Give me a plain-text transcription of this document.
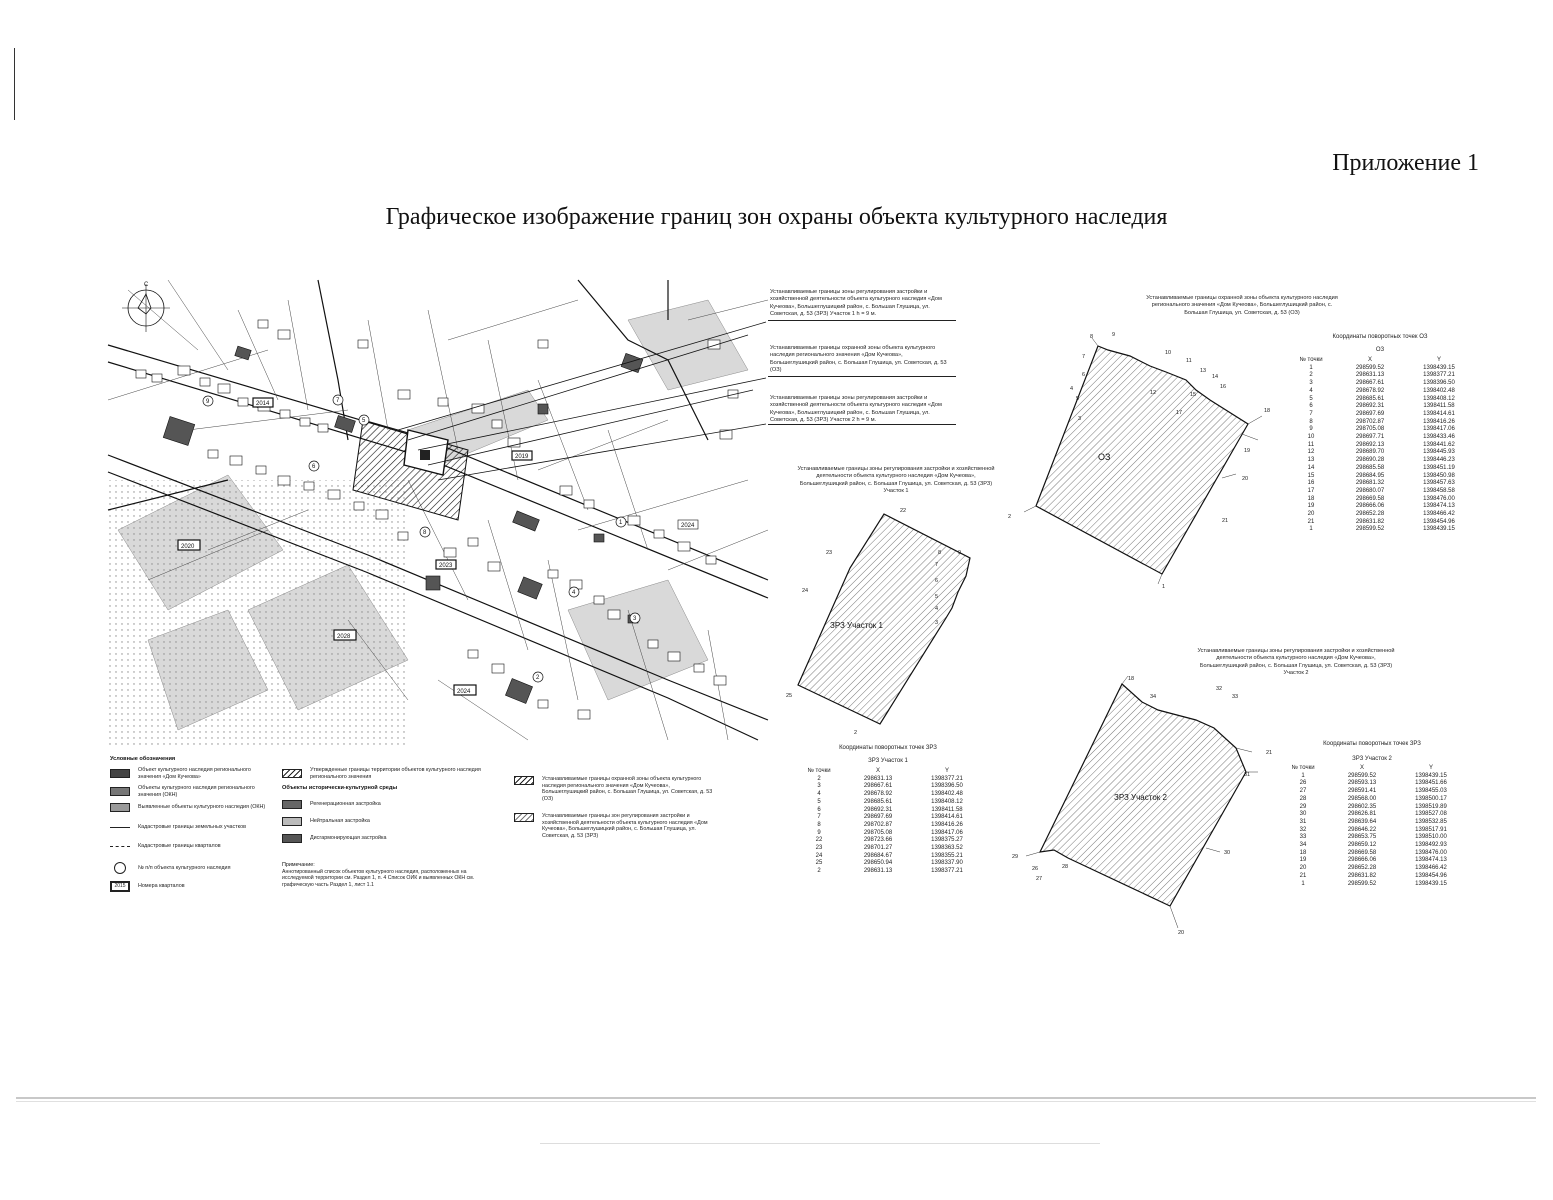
Приложение 1
Графическое изображение границ зон охраны объекта культурного наследия
С
2014
2019
2020
2023
2024
2024
2028
1
2
3
4
5
6
7
8
9
Устанавливаемые границы зоны регулирования застройки и хозяйственной деятельности объекта культурного наследия «Дом Кучеова», Большеглушицкий район, с. Большая Глушица, ул. Советская, д. 53 (ЗРЗ) Участок 1 h = 9 м.
Устанавливаемые границы охранной зоны объекта культурного наследия регионального значения «Дом Кучеова», Большеглушицкий район, с. Большая Глушица, ул. Советская, д. 53 (ОЗ)
Устанавливаемые границы зоны регулирования застройки и хозяйственной деятельности объекта культурного наследия «Дом Кучеова», Большеглушицкий район, с. Большая Глушица, ул. Советская, д. 53 (ЗРЗ) Участок 2 h = 9 м.
Условные обозначения
Объект культурного наследия регионального значения «Дом Кучеова»
Объекты культурного наследия регионального значения (ОКН)
Выявленные объекты культурного наследия (ОКН)
Кадастровые границы земельных участков
Кадастровые границы кварталов
№ п/п объекта культурного наследия
2015	Номера кварталов
Утвержденные границы территории объектов культурного наследия регионального значения
Объекты исторически-культурной среды
Регенерационная застройка
Нейтральная застройка
Дисгармонирующая застройка
Примечание:
Аннотированный список объектов культурного наследия, расположенных на исследуемой территории см. Раздел 1, п. 4 Список ОИК и выявленных ОКН см. графическую часть Раздел 1, лист 1.1
Устанавливаемые границы охранной зоны объекта культурного наследия регионального значения «Дом Кучеова», Большеглушицкий район, с. Большая Глушица, ул. Советская, д. 53 (ОЗ)
Устанавливаемые границы зон регулирования застройки и хозяйственной деятельности объекта культурного наследия «Дом Кучеова», Большеглушицкий район, с. Большая Глушица, ул. Советская, д. 53 (ЗРЗ)
Устанавливаемые границы зоны регулирования застройки и хозяйственной деятельности объекта культурного наследия «Дом Кучеова», Большеглушицкий район, с. Большая Глушица, ул. Советская, д. 53 (ЗРЗ) Участок 1
ЗРЗ Участок 1
22
23
24
25
2
8	9
7
6
5
4
3
Координаты поворотных точек ЗРЗ
ЗРЗ Участок 1
№ точки	X	Y
2	298631.13	1398377.21
3	298667.61	1398396.50
4	298678.92	1398402.48
5	298685.61	1398408.12
6	298692.31	1398411.58
7	298697.69	1398414.61
8	298702.87	1398416.26
9	298705.08	1398417.06
22	298723.66	1398375.27
23	298701.27	1398363.52
24	298684.67	1398355.21
25	298650.94	1398337.90
2	298631.13	1398377.21
Устанавливаемые границы охранной зоны объекта культурного наследия регионального значения «Дом Кучеова», Большеглушицкий район, с. Большая Глушица, ул. Советская, д. 53 (ОЗ)
ОЗ
8	9
7
6
4
5
3
10
11
13
14
16
12	15
17	18
19
20
21
1
2
Координаты поворотных точек ОЗ
ОЗ
№ точки	X	Y
1	298599.52	1398439.15
2	298631.13	1398377.21
3	298667.61	1398396.50
4	298678.92	1398402.48
5	298685.61	1398408.12
6	298692.31	1398411.58
7	298697.69	1398414.61
8	298702.87	1398416.26
9	298705.08	1398417.06
10	298697.71	1398433.46
11	298692.13	1398441.62
12	298689.70	1398445.93
13	298690.28	1398446.23
14	298685.58	1398451.19
15	298684.95	1398450.98
16	298681.32	1398457.63
17	298680.07	1398458.58
18	298669.58	1398476.00
19	298666.06	1398474.13
20	298652.28	1398466.42
21	298631.82	1398454.96
1	298599.52	1398439.15
Устанавливаемые границы зоны регулирования застройки и хозяйственной деятельности объекта культурного наследия «Дом Кучеова», Большеглушицкий район, с. Большая Глушица, ул. Советская, д. 53 (ЗРЗ) Участок 2
ЗРЗ Участок 2
18
34
32
33
21
31
30
20
29
26
27
28
Координаты поворотных точек ЗРЗ
ЗРЗ Участок 2
№ точки	X	Y
1	298599.52	1398439.15
26	298593.13	1398451.66
27	298591.41	1398455.03
28	298568.00	1398500.17
29	298602.35	1398519.89
30	298626.81	1398527.08
31	298639.64	1398532.85
32	298646.22	1398517.91
33	298653.75	1398510.00
34	298659.12	1398492.93
18	298669.58	1398476.00
19	298666.06	1398474.13
20	298652.28	1398466.42
21	298631.82	1398454.96
1	298599.52	1398439.15
